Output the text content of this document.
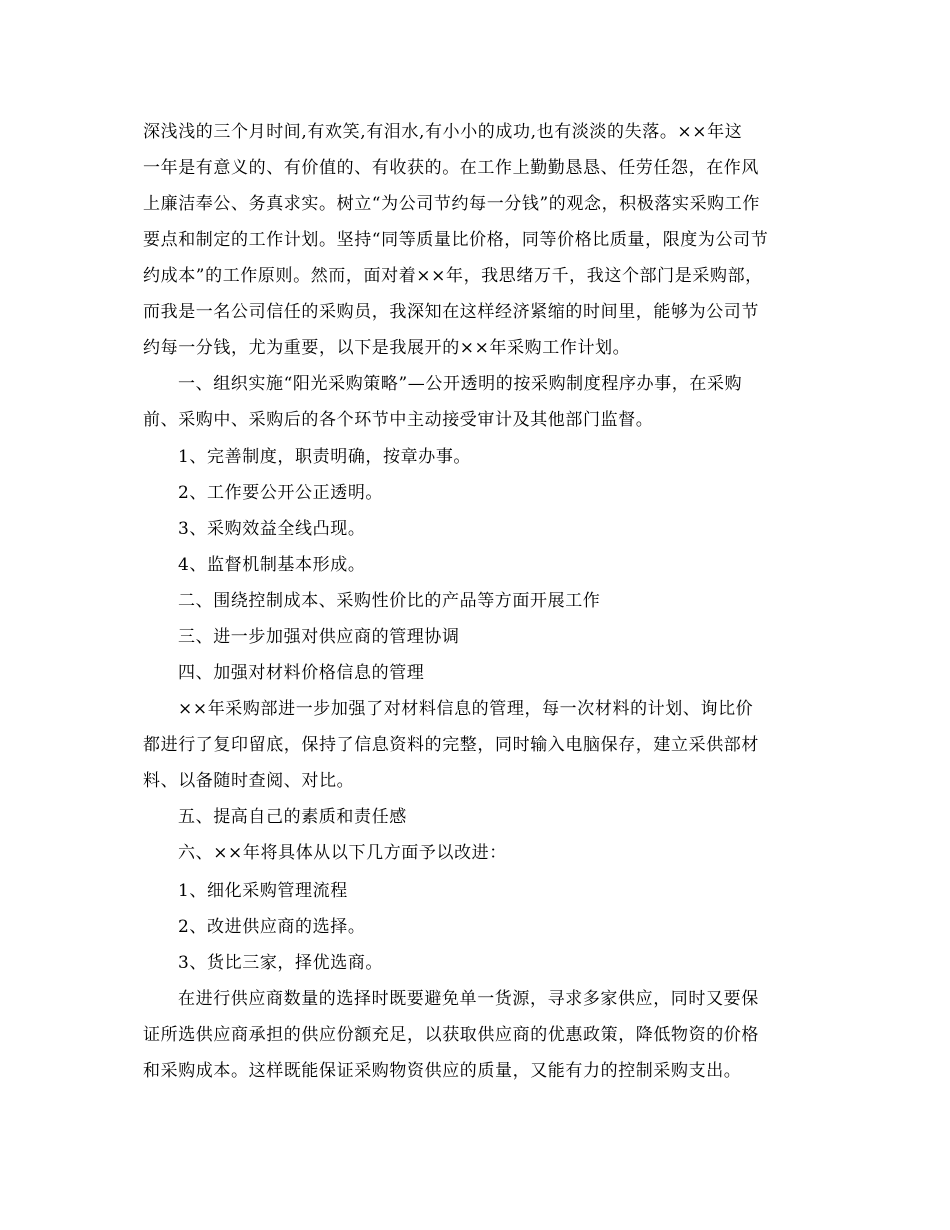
深浅浅的三个月时间,有欢笑,有泪水,有小小的成功,也有淡淡的失落。××年这
一年是有意义的、有价值的、有收获的。在工作上勤勤恳恳、任劳任怨，在作风
上廉洁奉公、务真求实。树立“为公司节约每一分钱”的观念，积极落实采购工作
要点和制定的工作计划。坚持“同等质量比价格，同等价格比质量，限度为公司节
约成本”的工作原则。然而，面对着××年，我思绪万千，我这个部门是采购部，
而我是一名公司信任的采购员，我深知在这样经济紧缩的时间里，能够为公司节
约每一分钱，尤为重要，以下是我展开的××年采购工作计划。
一、组织实施“阳光采购策略”—公开透明的按采购制度程序办事，在采购
前、采购中、采购后的各个环节中主动接受审计及其他部门监督。
1、完善制度，职责明确，按章办事。
2、工作要公开公正透明。
3、采购效益全线凸现。
4、监督机制基本形成。
二、围绕控制成本、采购性价比的产品等方面开展工作
三、进一步加强对供应商的管理协调
四、加强对材料价格信息的管理
××年采购部进一步加强了对材料信息的管理，每一次材料的计划、询比价
都进行了复印留底，保持了信息资料的完整，同时输入电脑保存，建立采供部材
料、以备随时查阅、对比。
五、提高自己的素质和责任感
六、××年将具体从以下几方面予以改进：
1、细化采购管理流程
2、改进供应商的选择。
3、货比三家，择优选商。
在进行供应商数量的选择时既要避免单一货源，寻求多家供应，同时又要保
证所选供应商承担的供应份额充足，以获取供应商的优惠政策，降低物资的价格
和采购成本。这样既能保证采购物资供应的质量，又能有力的控制采购支出。
